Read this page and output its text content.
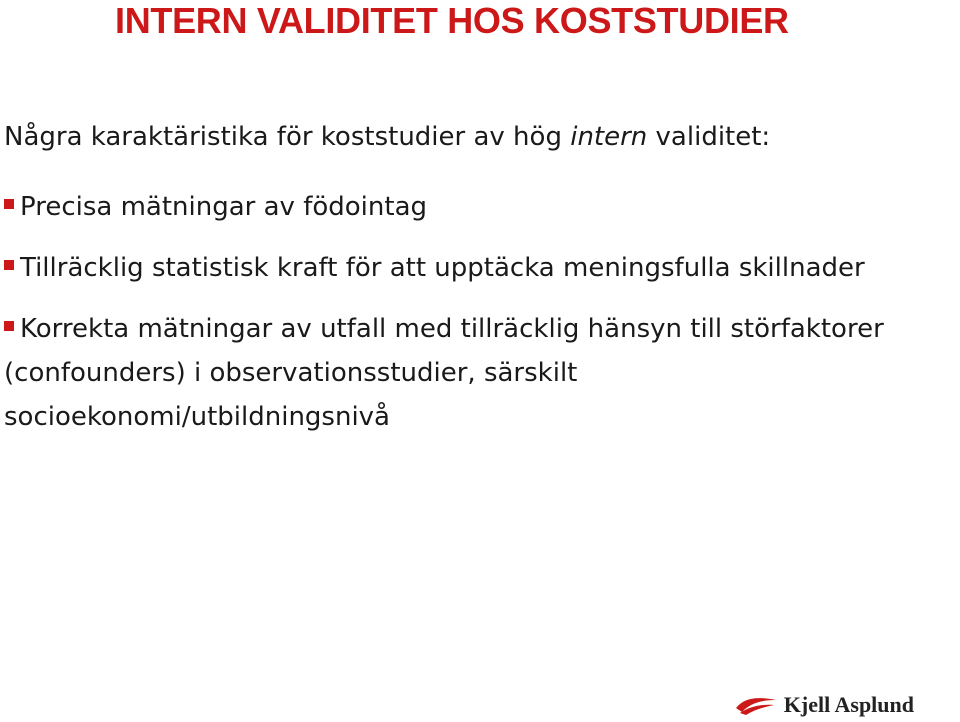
INTERN VALIDITET HOS KOSTSTUDIER

Några karaktäristika för koststudier av hög intern validitet:

Precisa mätningar av födointag
Tillräcklig statistisk kraft för att upptäcka meningsfulla skillnader
Korrekta mätningar av utfall med tillräcklig hänsyn till störfaktorer (confounders) i observationsstudier, särskilt socioekonomi/utbildningsnivå
Kjell Asplund
